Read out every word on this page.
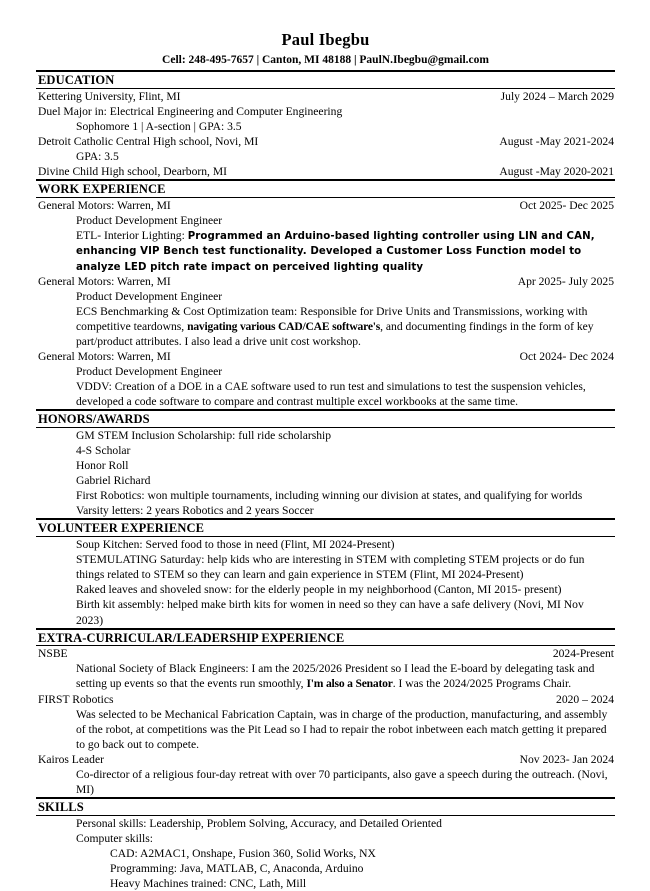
Paul Ibegbu
Cell: 248-495-7657 | Canton, MI 48188 | PaulN.Ibegbu@gmail.com
EDUCATION
Kettering University, Flint, MI	July 2024 – March 2029
Duel Major in: Electrical Engineering and Computer Engineering
Sophomore 1 | A-section | GPA: 3.5
Detroit Catholic Central High school, Novi, MI	August -May 2021-2024
GPA: 3.5
Divine Child High school, Dearborn, MI	August -May 2020-2021
WORK EXPERIENCE
General Motors: Warren, MI	Oct 2025- Dec 2025
Product Development Engineer
ETL- Interior Lighting: Programmed an Arduino-based lighting controller using LIN and CAN, enhancing VIP Bench test functionality. Developed a Customer Loss Function model to analyze LED pitch rate impact on perceived lighting quality
General Motors: Warren, MI	Apr 2025- July 2025
Product Development Engineer
ECS Benchmarking & Cost Optimization team: Responsible for Drive Units and Transmissions, working with competitive teardowns, navigating various CAD/CAE software's, and documenting findings in the form of key part/product attributes. I also lead a drive unit cost workshop.
General Motors: Warren, MI	Oct 2024- Dec 2024
Product Development Engineer
VDDV: Creation of a DOE in a CAE software used to run test and simulations to test the suspension vehicles, developed a code software to compare and contrast multiple excel workbooks at the same time.
HONORS/AWARDS
GM STEM Inclusion Scholarship: full ride scholarship
4-S Scholar
Honor Roll
Gabriel Richard
First Robotics: won multiple tournaments, including winning our division at states, and qualifying for worlds
Varsity letters: 2 years Robotics and 2 years Soccer
VOLUNTEER EXPERIENCE
Soup Kitchen: Served food to those in need (Flint, MI 2024-Present)
STEMULATING Saturday: help kids who are interesting in STEM with completing STEM projects or do fun things related to STEM so they can learn and gain experience in STEM (Flint, MI 2024-Present)
Raked leaves and shoveled snow: for the elderly people in my neighborhood (Canton, MI 2015- present)
Birth kit assembly: helped make birth kits for women in need so they can have a safe delivery (Novi, MI Nov 2023)
EXTRA-CURRICULAR/LEADERSHIP EXPERIENCE
NSBE	2024-Present
National Society of Black Engineers: I am the 2025/2026 President so I lead the E-board by delegating task and setting up events so that the events run smoothly, I'm also a Senator. I was the 2024/2025 Programs Chair.
FIRST Robotics	2020 – 2024
Was selected to be Mechanical Fabrication Captain, was in charge of the production, manufacturing, and assembly of the robot, at competitions was the Pit Lead so I had to repair the robot inbetween each match getting it prepared to go back out to compete.
Kairos Leader	Nov 2023- Jan 2024
Co-director of a religious four-day retreat with over 70 participants, also gave a speech during the outreach. (Novi, MI)
SKILLS
Personal skills: Leadership, Problem Solving, Accuracy, and Detailed Oriented
Computer skills:
CAD: A2MAC1, Onshape, Fusion 360, Solid Works, NX
Programming: Java, MATLAB, C, Anaconda, Arduino
Heavy Machines trained: CNC, Lath, Mill
